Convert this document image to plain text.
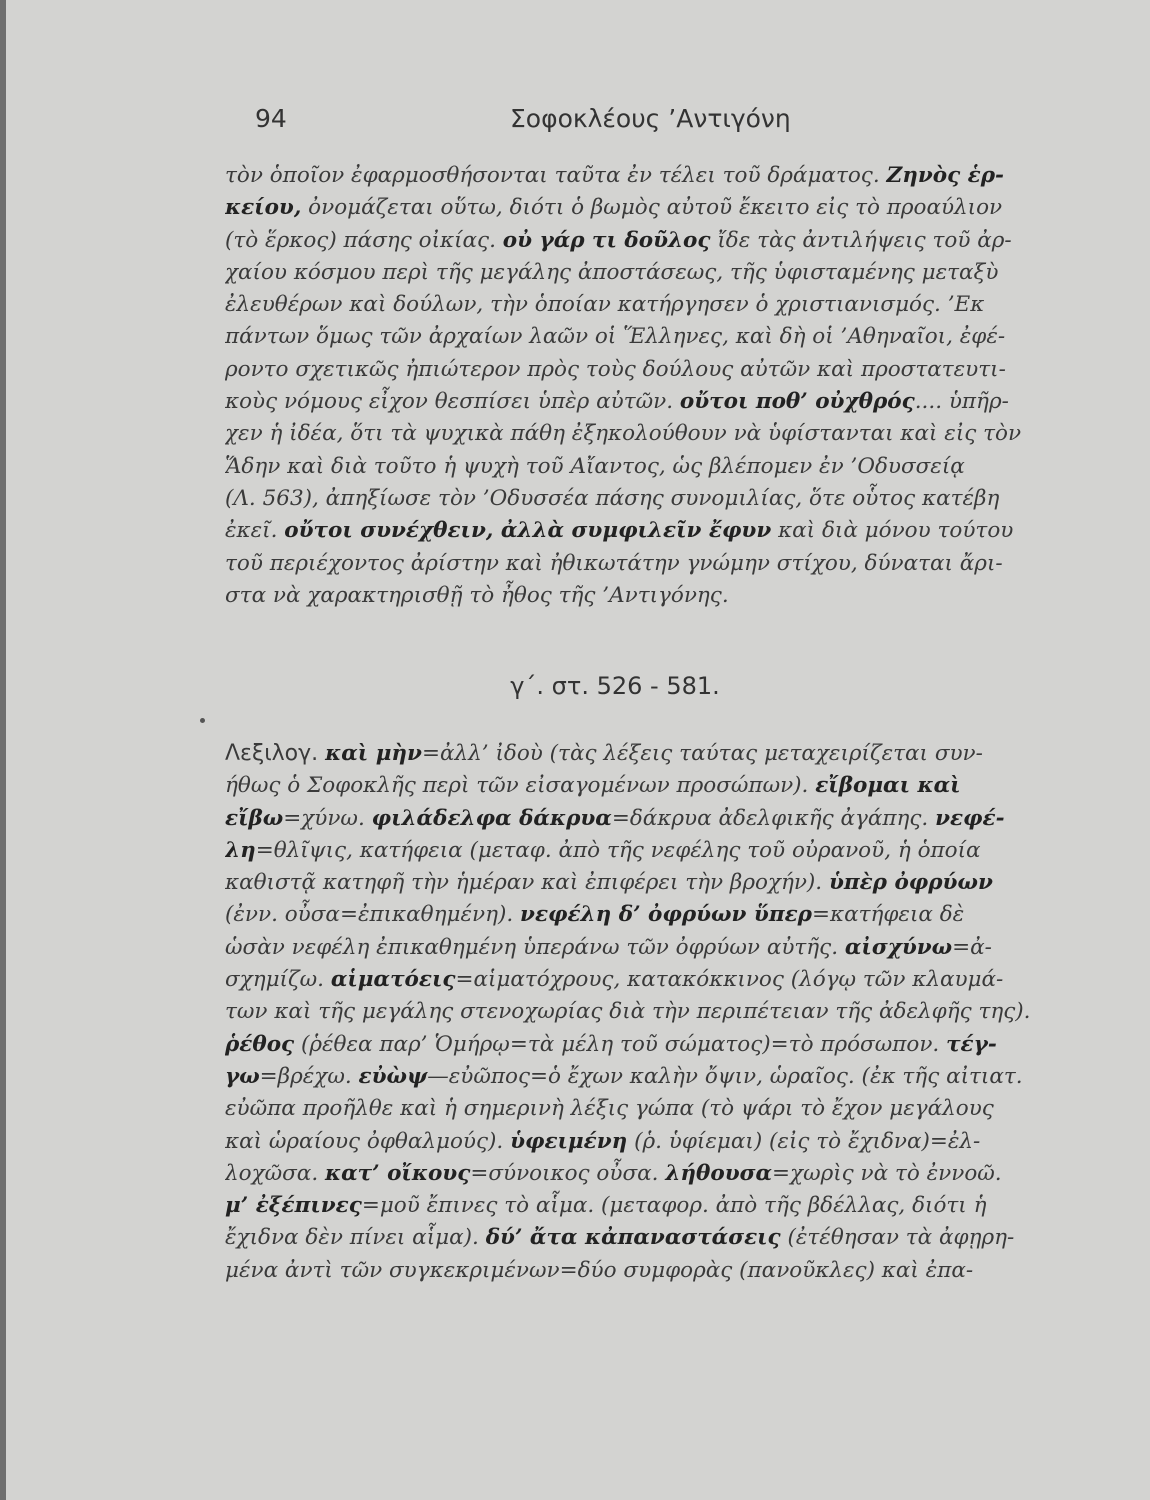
94	Σοφοκλέους ’Αντιγόνη
τὸν ὁποῖον ἐφαρμοσθήσονται ταῦτα ἐν τέλει τοῦ δράματος. Ζηνὸς ἑρ-
κείου, ὀνομάζεται οὕτω, διότι ὁ βωμὸς αὐτοῦ ἔκειτο εἰς τὸ προαύλιον
(τὸ ἕρκος) πάσης οἰκίας. οὐ γάρ τι δοῦλος ἴδε τὰς ἀντιλήψεις τοῦ ἀρ-
χαίου κόσμου περὶ τῆς μεγάλης ἀποστάσεως, τῆς ὑφισταμένης μεταξὺ
ἐλευθέρων καὶ δούλων, τὴν ὁποίαν κατήργησεν ὁ χριστιανισμός. ’Εκ
πάντων ὅμως τῶν ἀρχαίων λαῶν οἱ Ἕλληνες, καὶ δὴ οἱ ’Αθηναῖοι, ἐφέ-
ροντο σχετικῶς ἠπιώτερον πρὸς τοὺς δούλους αὐτῶν καὶ προστατευτι-
κοὺς νόμους εἶχον θεσπίσει ὑπὲρ αὐτῶν. οὔτοι ποθ’ οὐχθρός.... ὑπῆρ-
χεν ἡ ἰδέα, ὅτι τὰ ψυχικὰ πάθη ἐξηκολούθουν νὰ ὑφίστανται καὶ εἰς τὸν
Ἅδην καὶ διὰ τοῦτο ἡ ψυχὴ τοῦ Αἴαντος, ὡς βλέπομεν ἐν ’Οδυσσείᾳ
(Λ. 563), ἀπηξίωσε τὸν ’Οδυσσέα πάσης συνομιλίας, ὅτε οὗτος κατέβη
ἐκεῖ. οὔτοι συνέχθειν, ἀλλὰ συμφιλεῖν ἔφυν καὶ διὰ μόνου τούτου
τοῦ περιέχοντος ἀρίστην καὶ ἠθικωτάτην γνώμην στίχου, δύναται ἄρι-
στα νὰ χαρακτηρισθῇ τὸ ἦθος τῆς ’Αντιγόνης.
γ΄. στ. 526 - 581.
Λεξιλογ. καὶ μὴν=ἀλλ’ ἰδοὺ (τὰς λέξεις ταύτας μεταχειρίζεται συν-
ήθως ὁ Σοφοκλῆς περὶ τῶν εἰσαγομένων προσώπων). εἴβομαι καὶ
εἴβω=χύνω. φιλάδελφα δάκρυα=δάκρυα ἀδελφικῆς ἀγάπης. νεφέ-
λη=θλῖψις, κατήφεια (μεταφ. ἀπὸ τῆς νεφέλης τοῦ οὐρανοῦ, ἡ ὁποία
καθιστᾷ κατηφῆ τὴν ἡμέραν καὶ ἐπιφέρει τὴν βροχήν). ὑπὲρ ὀφρύων
(ἐνν. οὖσα=ἐπικαθημένη). νεφέλη δ’ ὀφρύων ὕπερ=κατήφεια δὲ
ὡσὰν νεφέλη ἐπικαθημένη ὑπεράνω τῶν ὀφρύων αὐτῆς. αἰσχύνω=ἀ-
σχημίζω. αἱματόεις=αἱματόχρους, κατακόκκινος (λόγῳ τῶν κλαυμά-
των καὶ τῆς μεγάλης στενοχωρίας διὰ τὴν περιπέτειαν τῆς ἀδελφῆς της).
ῥέθος (ῥέθεα παρ’ Ὁμήρῳ=τὰ μέλη τοῦ σώματος)=τὸ πρόσωπον. τέγ-
γω=βρέχω. εὐὼψ—εὐῶπος=ὁ ἔχων καλὴν ὄψιν, ὡραῖος. (ἐκ τῆς αἰτιατ.
εὐῶπα προῆλθε καὶ ἡ σημερινὴ λέξις γώπα (τὸ ψάρι τὸ ἔχον μεγάλους
καὶ ὡραίους ὀφθαλμούς). ὑφειμένη (ῥ. ὑφίεμαι) (εἰς τὸ ἔχιδνα)=ἐλ-
λοχῶσα. κατ’ οἴκους=σύνοικος οὖσα. λήθουσα=χωρὶς νὰ τὸ ἐννοῶ.
μ’ ἐξέπινες=μοῦ ἔπινες τὸ αἷμα. (μεταφορ. ἀπὸ τῆς βδέλλας, διότι ἡ
ἔχιδνα δὲν πίνει αἷμα). δύ’ ἄτα κἀπαναστάσεις (ἐτέθησαν τὰ ἀφῃρη-
μένα ἀντὶ τῶν συγκεκριμένων=δύο συμφορὰς (πανοῦκλες) καὶ ἐπα-
